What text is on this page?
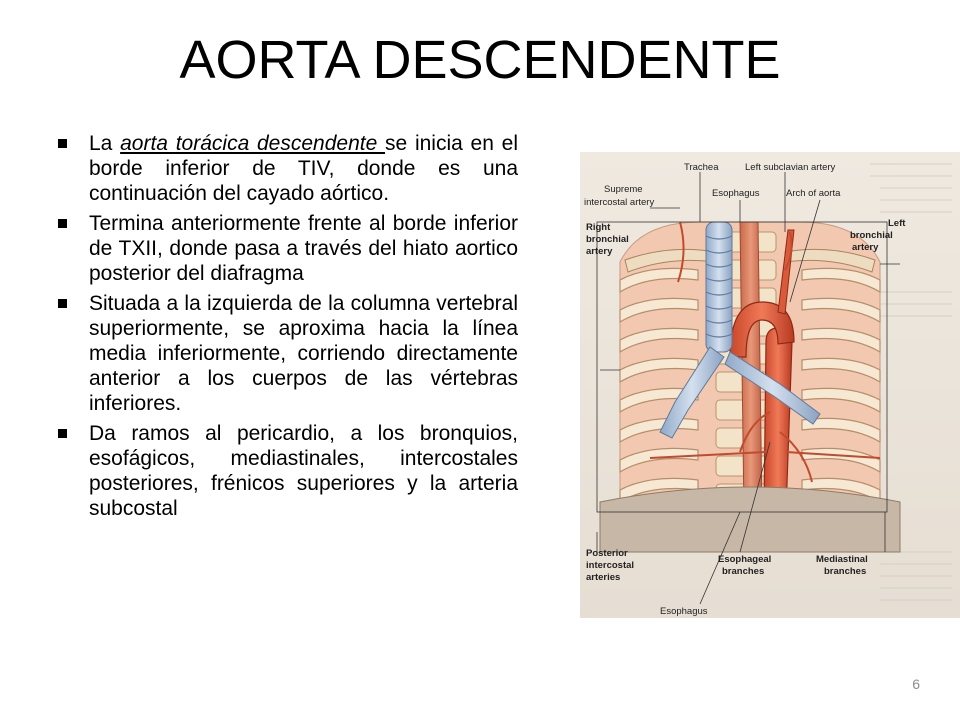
AORTA DESCENDENTE
La aorta torácica descendente se inicia en el borde inferior de TIV, donde es una continuación del cayado aórtico.
Termina anteriormente frente al borde inferior de TXII, donde pasa a través del hiato aortico posterior del diafragma
Situada a la izquierda de la columna vertebral superiormente, se aproxima hacia la línea media inferiormente, corriendo directamente anterior a los cuerpos de las vértebras inferiores.
Da ramos al pericardio, a los bronquios, esofágicos, mediastinales, intercostales posteriores, frénicos superiores y la arteria subcostal
Trachea	Left subclavian artery
Supreme
intercostal artery
Esophagus	Arch of aorta
Right
bronchial
artery
Left
bronchial
artery
Posterior
intercostal
arteries
Esophageal
branches
Mediastinal
branches
Esophagus
6
